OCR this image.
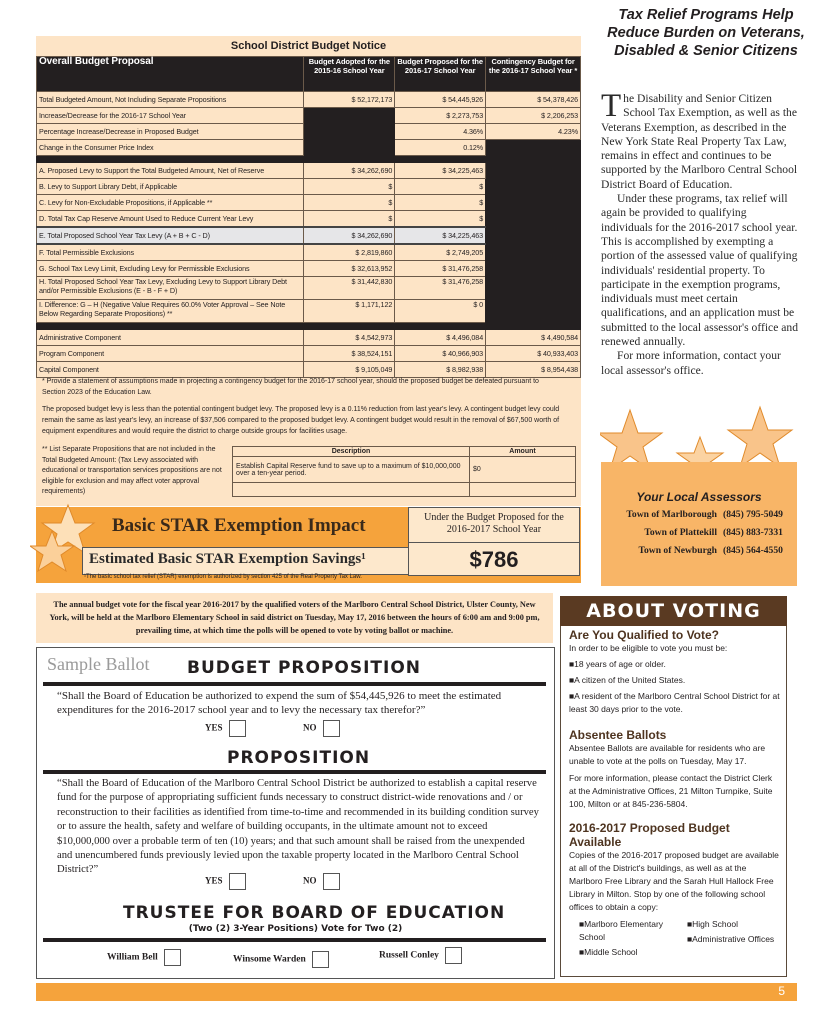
School District Budget Notice
Overall Budget Proposal	Budget Adopted for the 2015-16 School Year	Budget Proposed for the 2016-17 School Year	Contingency Budget for the 2016-17 School Year *
Total Budgeted Amount, Not Including Separate Propositions	$ 52,172,173	$ 54,445,926	$ 54,378,426
Increase/Decrease for the 2016-17 School Year		$ 2,273,753	$ 2,206,253
Percentage Increase/Decrease in Proposed Budget		4.36%	4.23%
Change in the Consumer Price Index		0.12%	

A. Proposed Levy to Support the Total Budgeted Amount, Net of Reserve	$ 34,262,690	$ 34,225,463	
B. Levy to Support Library Debt, if Applicable	$	$	
C. Levy for Non-Excludable Propositions, if Applicable **	$	$	
D. Total Tax Cap Reserve Amount Used to Reduce Current Year Levy	$	$	
E. Total Proposed School Year Tax Levy (A + B + C - D)	$ 34,262,690	$ 34,225,463	
F. Total Permissible Exclusions	$ 2,819,860	$ 2,749,205	
G. School Tax Levy Limit, Excluding Levy for Permissible Exclusions	$ 32,613,952	$ 31,476,258	
H. Total Proposed School Year Tax Levy, Excluding Levy to Support Library Debt and/or Permissible Exclusions (E - B - F + D)	$ 31,442,830	$ 31,476,258	
I. Difference: G – H (Negative Value Requires 60.0% Voter Approval – See Note Below Regarding Separate Propositions) **	$ 1,171,122	$ 0	

Administrative Component	$ 4,542,973	$ 4,496,084	$ 4,490,584
Program Component	$ 38,524,151	$ 40,966,903	$ 40,933,403
Capital Component	$ 9,105,049	$ 8,982,938	$ 8,954,438
* Provide a statement of assumptions made in projecting a contingency budget for the 2016-17 school year, should the proposed budget be defeated pursuant to Section 2023 of the Education Law.
The proposed budget levy is less than the potential contingent budget levy. The proposed levy is a 0.11% reduction from last year's levy. A contingent budget levy could remain the same as last year's levy, an increase of $37,506 compared to the proposed budget levy. A contingent budget would result in the removal of $67,500 worth of equipment expenditures and would require the district to charge outside groups for facilities usage.
** List Separate Propositions that are not included in the Total Budgeted Amount: (Tax Levy associated with educational or transportation services propositions are not eligible for exclusion and may affect voter approval requirements)
Description	Amount
Establish Capital Reserve fund to save up to a maximum of $10,000,000 over a ten-year period.	$0

Basic STAR Exemption Impact
Estimated Basic STAR Exemption Savings¹
Under the Budget Proposed for the 2016-2017 School Year
$786
¹The basic school tax relief (STAR) exemption is authorized by section 425 of the Real Property Tax Law.
Tax Relief Programs Help Reduce Burden on Veterans, Disabled & Senior Citizens

The Disability and Senior Citizen School Tax Exemption, as well as the Veterans Exemption, as described in the New York State Real Property Tax Law, remains in effect and continues to be supported by the Marlboro Central School District Board of Education.

Under these programs, tax relief will again be provided to qualifying individuals for the 2016-2017 school year. This is accomplished by exempting a portion of the assessed value of qualifying individuals' residential property. To participate in the exemption programs, individuals must meet certain qualifications, and an application must be submitted to the local assessor's office and renewed annually.

For more information, contact your local assessor's office.

Your Local Assessors
Town of Marlborough (845) 795-5049
Town of Plattekill (845) 883-7331
Town of Newburgh (845) 564-4550
The annual budget vote for the fiscal year 2016-2017 by the qualified voters of the Marlboro Central School District, Ulster County, New York, will be held at the Marlboro Elementary School in said district on Tuesday, May 17, 2016 between the hours of 6:00 am and 9:00 pm, prevailing time, at which time the polls will be opened to vote by voting ballot or machine.
Sample Ballot BUDGET PROPOSITION
“Shall the Board of Education be authorized to expend the sum of $54,445,926 to meet the estimated expenditures for the 2016-2017 school year and to levy the necessary tax therefor?”
YES	NO
PROPOSITION
“Shall the Board of Education of the Marlboro Central School District be authorized to establish a capital reserve fund for the purpose of appropriating sufficient funds necessary to construct district-wide renovations and / or reconstruction to their facilities as identified from time-to-time and recommended in its building condition survey or to assure the health, safety and welfare of building occupants, in the ultimate amount not to exceed $10,000,000 over a probable term of ten (10) years; and that such amount shall be raised from the unexpended and unencumbered funds previously levied upon the taxable property located in the Marlboro Central School District?”
YES	NO
TRUSTEE FOR BOARD OF EDUCATION
(Two (2) 3-Year Positions) Vote for Two (2)
William Bell	Winsome Warden	Russell Conley
Are You Qualified to Vote?
In order to be eligible to vote you must be:
■18 years of age or older.
■A citizen of the United States.
■A resident of the Marlboro Central School District for at least 30 days prior to the vote.
Absentee Ballots
Absentee Ballots are available for residents who are unable to vote at the polls on Tuesday, May 17.
For more information, please contact the District Clerk at the Administrative Offices, 21 Milton Turnpike, Suite 100, Milton or at 845-236-5804.
2016-2017 Proposed Budget Available
Copies of the 2016-2017 proposed budget are available at all of the District's buildings, as well as at the Marlboro Free Library and the Sarah Hull Hallock Free Library in Milton. Stop by one of the following school offices to obtain a copy:
■Marlboro Elementary School
■Middle School
■High School
■Administrative Offices
ABOUT VOTING
5
